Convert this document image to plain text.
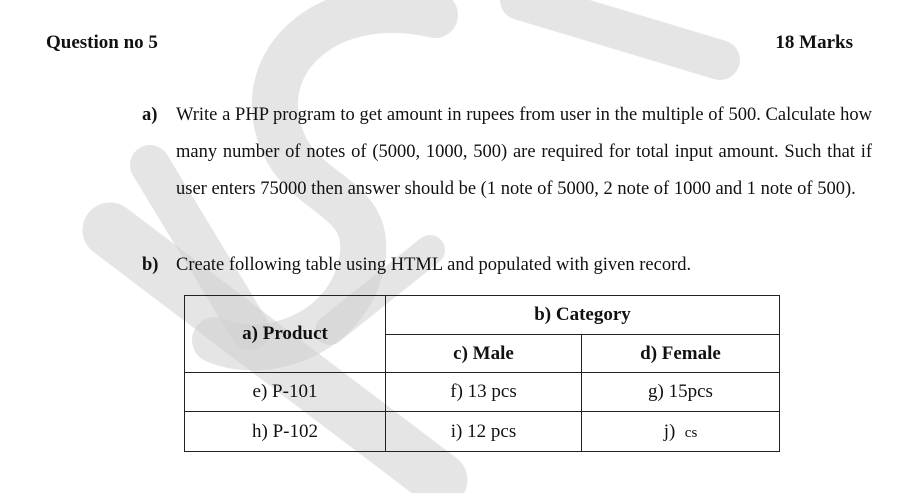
Question no 5	18 Marks
a) Write a PHP program to get amount in rupees from user in the multiple of 500. Calculate how many number of notes of (5000, 1000, 500) are required for total input amount. Such that if user enters 75000 then answer should be (1 note of 5000, 2 note of 1000 and 1 note of 500).
b) Create following table using HTML and populated with given record.
a) Product	b) Category	
	c) Male	d) Female
e) P-101	f) 13 pcs	g) 15pcs
h) P-102	i) 12 pcs	j) cs
